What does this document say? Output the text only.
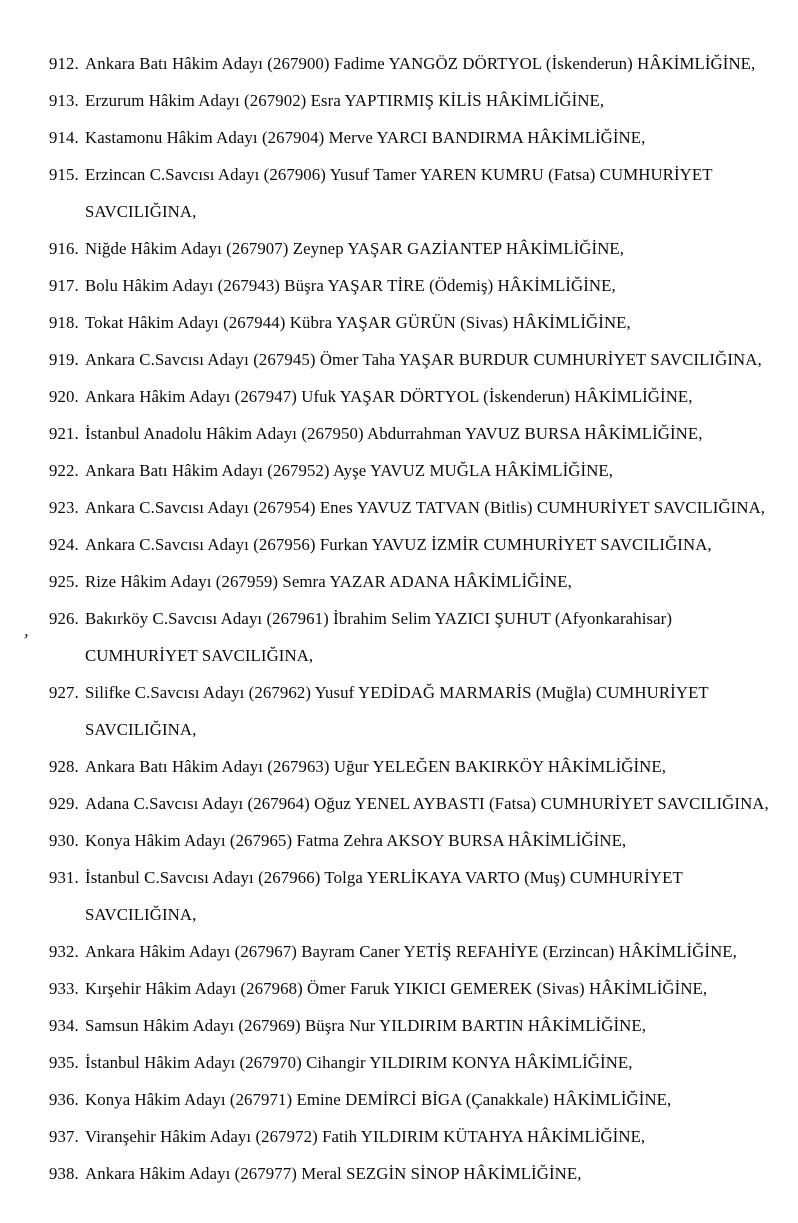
,
912. Ankara Batı Hâkim Adayı (267900) Fadime YANGÖZ DÖRTYOL (İskenderun) HÂKİMLİĞİNE,
913. Erzurum Hâkim Adayı (267902) Esra YAPTIRMIŞ KİLİS HÂKİMLİĞİNE,
914. Kastamonu Hâkim Adayı (267904) Merve YARCI BANDIRMA HÂKİMLİĞİNE,
915. Erzincan C.Savcısı Adayı (267906) Yusuf Tamer YAREN KUMRU (Fatsa) CUMHURİYET
SAVCILIĞINA,
916. Niğde Hâkim Adayı (267907) Zeynep YAŞAR GAZİANTEP HÂKİMLİĞİNE,
917. Bolu Hâkim Adayı (267943) Büşra YAŞAR TİRE (Ödemiş) HÂKİMLİĞİNE,
918. Tokat Hâkim Adayı (267944) Kübra YAŞAR GÜRÜN (Sivas) HÂKİMLİĞİNE,
919. Ankara C.Savcısı Adayı (267945) Ömer Taha YAŞAR BURDUR CUMHURİYET SAVCILIĞINA,
920. Ankara Hâkim Adayı (267947) Ufuk YAŞAR DÖRTYOL (İskenderun) HÂKİMLİĞİNE,
921. İstanbul Anadolu Hâkim Adayı (267950) Abdurrahman YAVUZ BURSA HÂKİMLİĞİNE,
922. Ankara Batı Hâkim Adayı (267952) Ayşe YAVUZ MUĞLA HÂKİMLİĞİNE,
923. Ankara C.Savcısı Adayı (267954) Enes YAVUZ TATVAN (Bitlis) CUMHURİYET SAVCILIĞINA,
924. Ankara C.Savcısı Adayı (267956) Furkan YAVUZ İZMİR CUMHURİYET SAVCILIĞINA,
925. Rize Hâkim Adayı (267959) Semra YAZAR ADANA HÂKİMLİĞİNE,
926. Bakırköy C.Savcısı Adayı (267961) İbrahim Selim YAZICI ŞUHUT (Afyonkarahisar)
CUMHURİYET SAVCILIĞINA,
927. Silifke C.Savcısı Adayı (267962) Yusuf YEDİDAĞ MARMARİS (Muğla) CUMHURİYET
SAVCILIĞINA,
928. Ankara Batı Hâkim Adayı (267963) Uğur YELEĞEN BAKIRKÖY HÂKİMLİĞİNE,
929. Adana C.Savcısı Adayı (267964) Oğuz YENEL AYBASTI (Fatsa) CUMHURİYET SAVCILIĞINA,
930. Konya Hâkim Adayı (267965) Fatma Zehra AKSOY BURSA HÂKİMLİĞİNE,
931. İstanbul C.Savcısı Adayı (267966) Tolga YERLİKAYA VARTO (Muş) CUMHURİYET
SAVCILIĞINA,
932. Ankara Hâkim Adayı (267967) Bayram Caner YETİŞ REFAHİYE (Erzincan) HÂKİMLİĞİNE,
933. Kırşehir Hâkim Adayı (267968) Ömer Faruk YIKICI GEMEREK (Sivas) HÂKİMLİĞİNE,
934. Samsun Hâkim Adayı (267969) Büşra Nur YILDIRIM BARTIN HÂKİMLİĞİNE,
935. İstanbul Hâkim Adayı (267970) Cihangir YILDIRIM KONYA HÂKİMLİĞİNE,
936. Konya Hâkim Adayı (267971) Emine DEMİRCİ BİGA (Çanakkale) HÂKİMLİĞİNE,
937. Viranşehir Hâkim Adayı (267972) Fatih YILDIRIM KÜTAHYA HÂKİMLİĞİNE,
938. Ankara Hâkim Adayı (267977) Meral SEZGİN SİNOP HÂKİMLİĞİNE,
